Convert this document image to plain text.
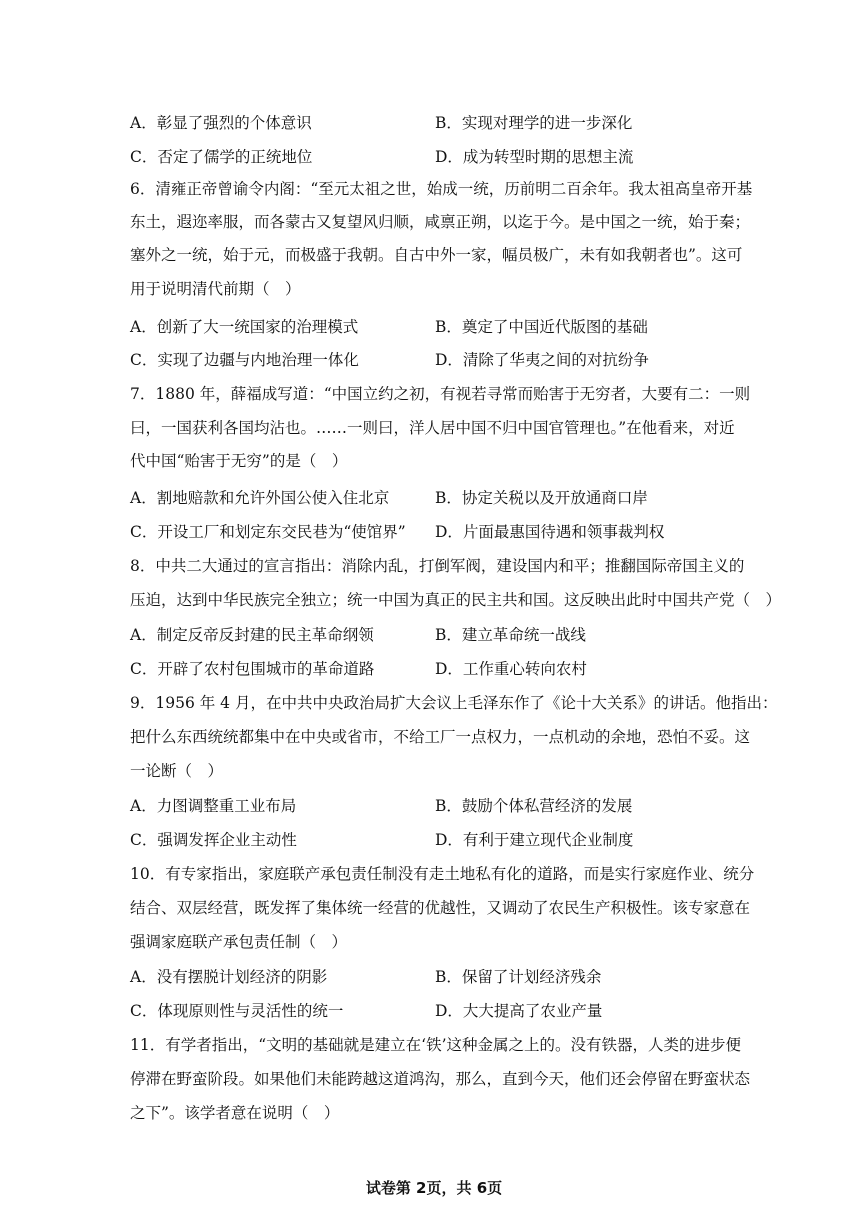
A．彰显了强烈的个体意识	B．实现对理学的进一步深化
C．否定了儒学的正统地位	D．成为转型时期的思想主流
6．清雍正帝曾谕令内阁：“至元太祖之世，始成一统，历前明二百余年。我太祖高皇帝开基
东土，遐迩率服，而各蒙古又复望风归顺，咸禀正朔，以迄于今。是中国之一统，始于秦；
塞外之一统，始于元，而极盛于我朝。自古中外一家，幅员极广，未有如我朝者也”。这可
用于说明清代前期（　）
A．创新了大一统国家的治理模式	B．奠定了中国近代版图的基础
C．实现了边疆与内地治理一体化	D．清除了华夷之间的对抗纷争
7．1880 年，薛福成写道：“中国立约之初，有视若寻常而贻害于无穷者，大要有二：一则
曰，一国获利各国均沾也。……一则曰，洋人居中国不归中国官管理也。”在他看来，对近
代中国“贻害于无穷”的是（　）
A．割地赔款和允许外国公使入住北京	B．协定关税以及开放通商口岸
C．开设工厂和划定东交民巷为“使馆界” D．片面最惠国待遇和领事裁判权
8．中共二大通过的宣言指出：消除内乱，打倒军阀，建设国内和平；推翻国际帝国主义的
压迫，达到中华民族完全独立；统一中国为真正的民主共和国。这反映出此时中国共产党（　）
A．制定反帝反封建的民主革命纲领	B．建立革命统一战线
C．开辟了农村包围城市的革命道路	D．工作重心转向农村
9．1956 年 4 月，在中共中央政治局扩大会议上毛泽东作了《论十大关系》的讲话。他指出：
把什么东西统统都集中在中央或省市，不给工厂一点权力，一点机动的余地，恐怕不妥。这
一论断（　）
A．力图调整重工业布局	B．鼓励个体私营经济的发展
C．强调发挥企业主动性	D．有利于建立现代企业制度
10．有专家指出，家庭联产承包责任制没有走土地私有化的道路，而是实行家庭作业、统分
结合、双层经营，既发挥了集体统一经营的优越性，又调动了农民生产积极性。该专家意在
强调家庭联产承包责任制（　）
A．没有摆脱计划经济的阴影	B．保留了计划经济残余
C．体现原则性与灵活性的统一	D．大大提高了农业产量
11．有学者指出，“文明的基础就是建立在‘铁’这种金属之上的。没有铁器，人类的进步便
停滞在野蛮阶段。如果他们未能跨越这道鸿沟，那么，直到今天，他们还会停留在野蛮状态
之下”。该学者意在说明（　）
试卷第 2页，共 6页
